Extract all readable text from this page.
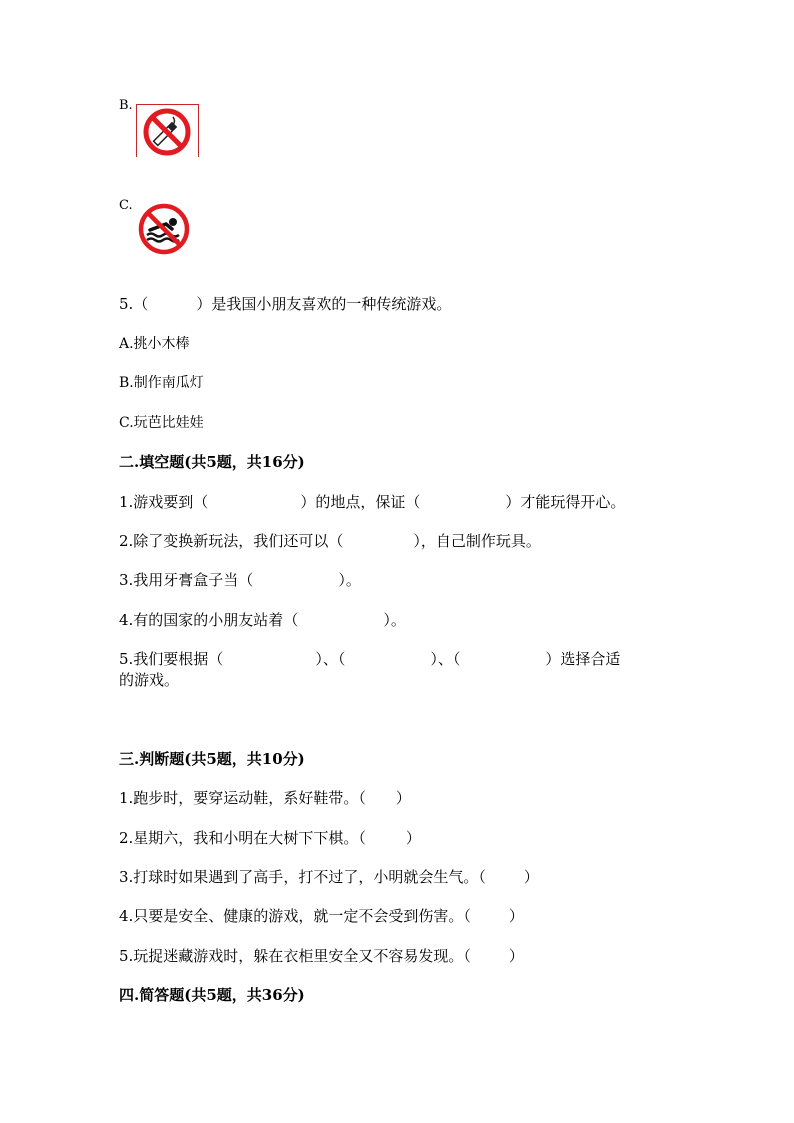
B.
C.
5.（	）是我国小朋友喜欢的一种传统游戏。
A.挑小木棒
B.制作南瓜灯
C.玩芭比娃娃
二.填空题(共5题，共16分)
1.游戏要到（	）的地点，保证（	）才能玩得开心。
2.除了变换新玩法，我们还可以（	），自己制作玩具。
3.我用牙膏盒子当（	）。
4.有的国家的小朋友站着（	）。
5.我们要根据（	）、（	）、（	）选择合适
的游戏。
三.判断题(共5题，共10分)
1.跑步时，要穿运动鞋，系好鞋带。（ ）
2.星期六，我和小明在大树下下棋。（	）
3.打球时如果遇到了高手，打不过了，小明就会生气。（	）
4.只要是安全、健康的游戏，就一定不会受到伤害。（	）
5.玩捉迷藏游戏时，躲在衣柜里安全又不容易发现。（	）
四.简答题(共5题，共36分)
